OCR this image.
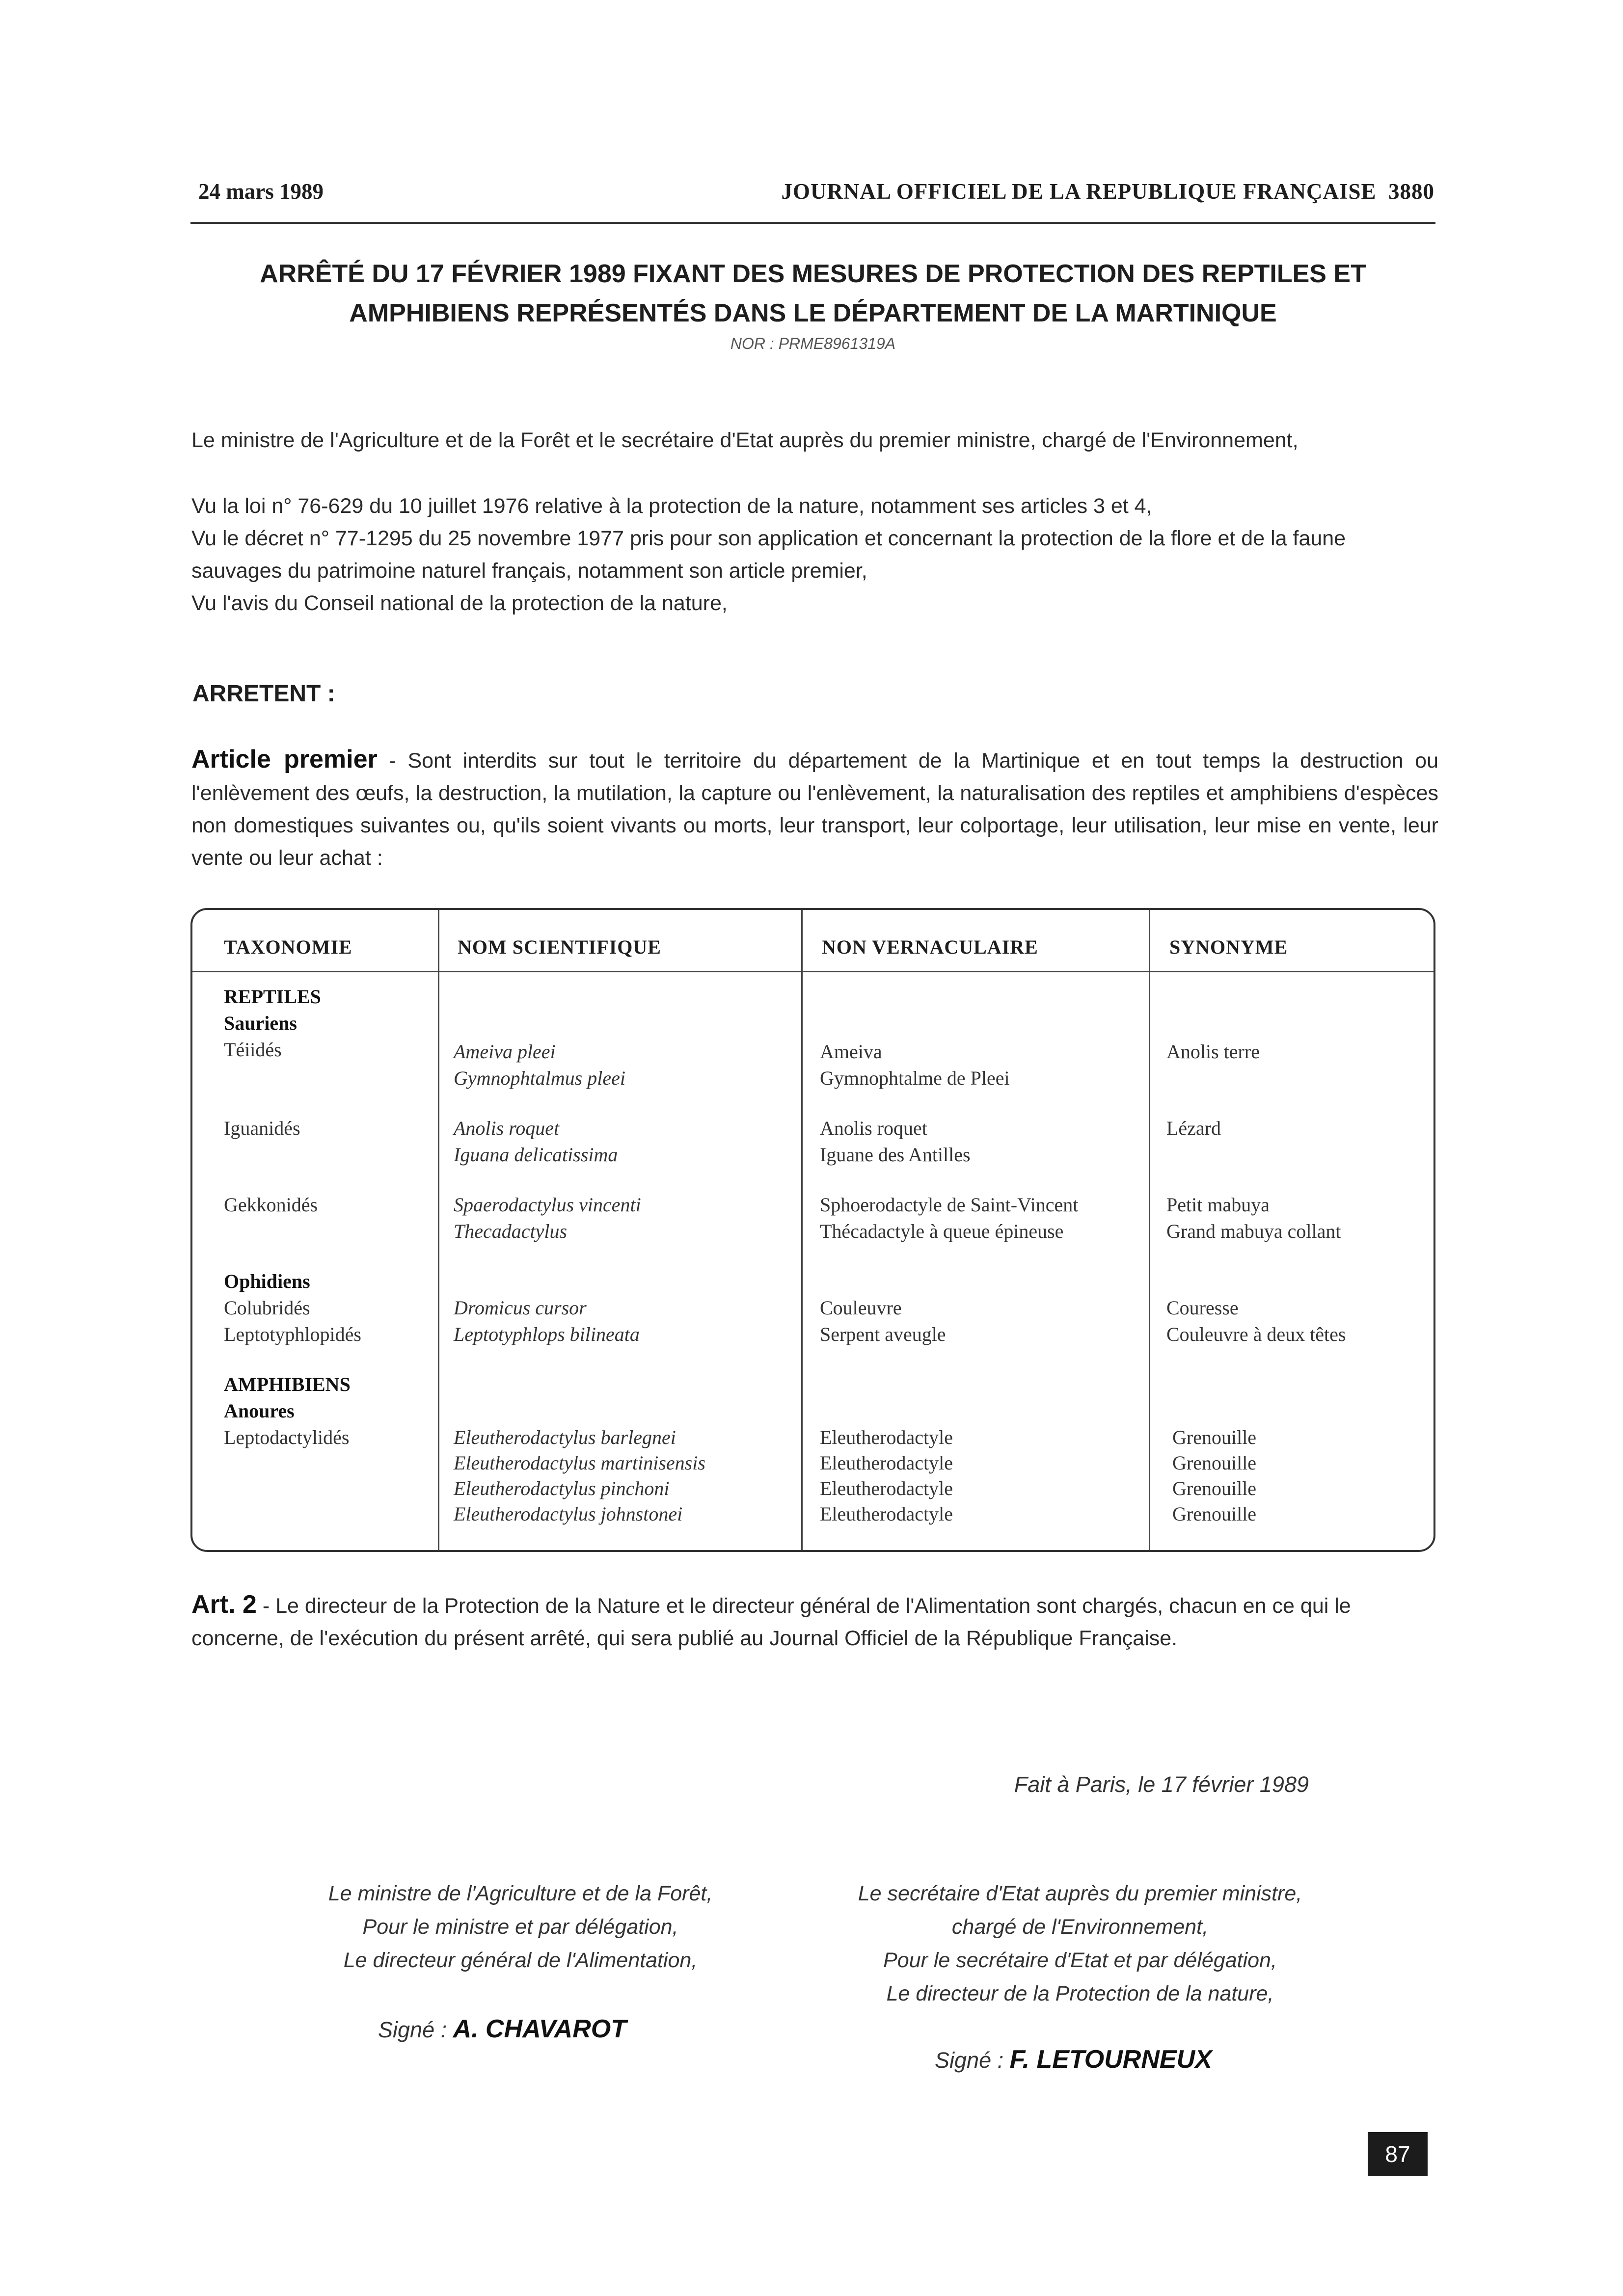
24 mars 1989	JOURNAL OFFICIEL DE LA REPUBLIQUE FRANÇAISE 3880
ARRÊTÉ DU 17 FÉVRIER 1989 FIXANT DES MESURES DE PROTECTION DES REPTILES ET
AMPHIBIENS REPRÉSENTÉS DANS LE DÉPARTEMENT DE LA MARTINIQUE
NOR : PRME8961319A
Le ministre de l'Agriculture et de la Forêt et le secrétaire d'Etat auprès du premier ministre, chargé de l'Environnement,
Vu la loi n° 76-629 du 10 juillet 1976 relative à la protection de la nature, notamment ses articles 3 et 4,
Vu le décret n° 77-1295 du 25 novembre 1977 pris pour son application et concernant la protection de la flore et de la faune sauvages du patrimoine naturel français, notamment son article premier,
Vu l'avis du Conseil national de la protection de la nature,
ARRETENT :
Article premier - Sont interdits sur tout le territoire du département de la Martinique et en tout temps la destruction ou l'enlèvement des œufs, la destruction, la mutilation, la capture ou l'enlèvement, la naturalisation des reptiles et amphibiens d'espèces non domestiques suivantes ou, qu'ils soient vivants ou morts, leur transport, leur colportage, leur utilisation, leur mise en vente, leur vente ou leur achat :
TAXONOMIE	NOM SCIENTIFIQUE	NON VERNACULAIRE	SYNONYME
REPTILES
Sauriens
Téiidés	Ameiva pleei	Ameiva	Anolis terre
Gymnophtalmus pleei	Gymnophtalme de Pleei
Iguanidés	Anolis roquet	Anolis roquet	Lézard
Iguana delicatissima	Iguane des Antilles
Gekkonidés	Spaerodactylus vincenti	Sphoerodactyle de Saint-Vincent	Petit mabuya
Thecadactylus	Thécadactyle à queue épineuse	Grand mabuya collant
Ophidiens
Colubridés	Dromicus cursor	Couleuvre	Couresse
Leptotyphlopidés	Leptotyphlops bilineata	Serpent aveugle	Couleuvre à deux têtes
AMPHIBIENS
Anoures
Leptodactylidés	Eleutherodactylus barlegnei	Eleutherodactyle	Grenouille
Eleutherodactylus martinisensis	Eleutherodactyle	Grenouille
Eleutherodactylus pinchoni	Eleutherodactyle	Grenouille
Eleutherodactylus johnstonei	Eleutherodactyle	Grenouille
Art. 2 - Le directeur de la Protection de la Nature et le directeur général de l'Alimentation sont chargés, chacun en ce qui le concerne, de l'exécution du présent arrêté, qui sera publié au Journal Officiel de la République Française.
Fait à Paris, le 17 février 1989
Le ministre de l'Agriculture et de la Forêt,
Pour le ministre et par délégation,
Le directeur général de l'Alimentation,
Signé : A. CHAVAROT
Le secrétaire d'Etat auprès du premier ministre,
chargé de l'Environnement,
Pour le secrétaire d'Etat et par délégation,
Le directeur de la Protection de la nature,
Signé : F. LETOURNEUX
87
